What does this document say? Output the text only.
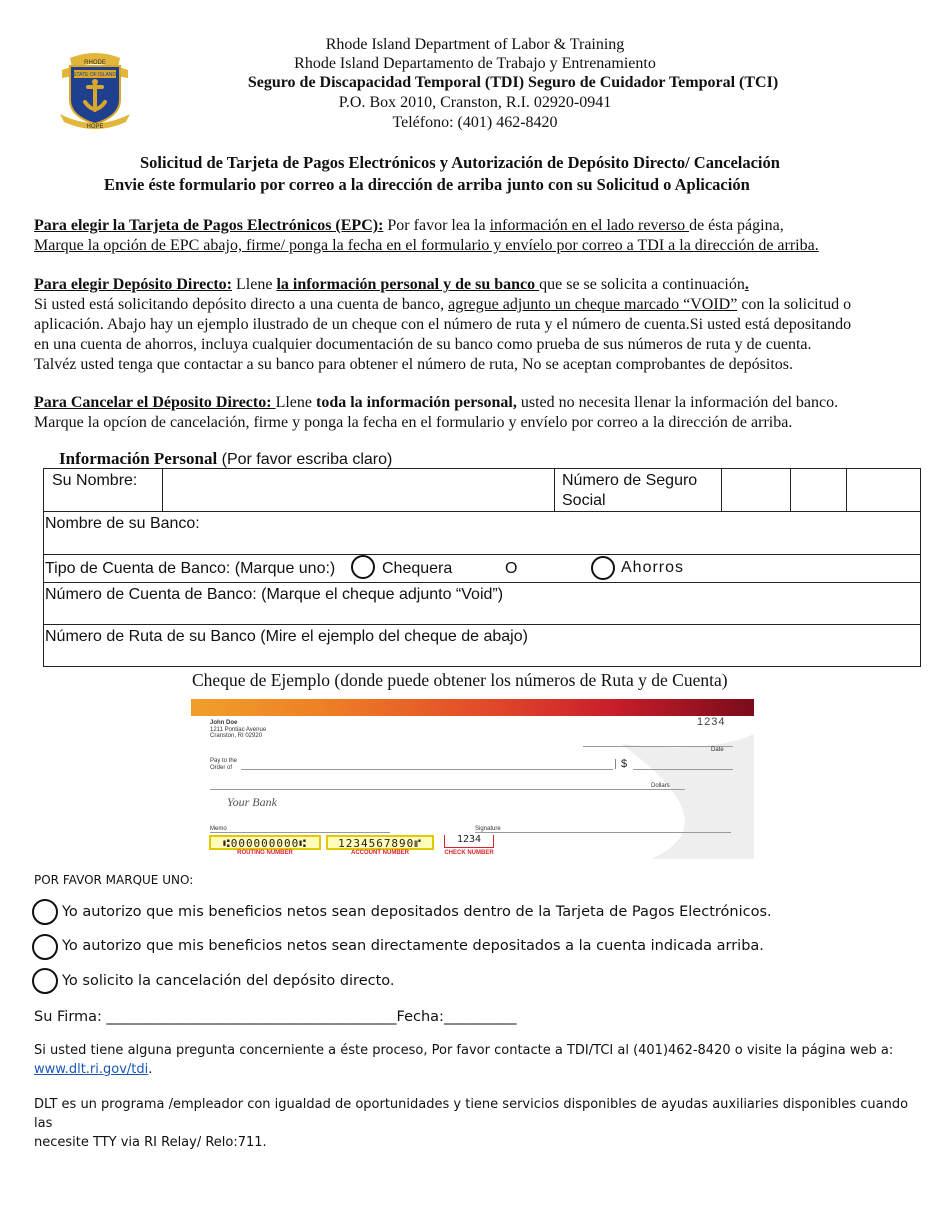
RHODE
STATE OF ISLAND
HOPE
Rhode Island Department of Labor & Training
Rhode Island Departamento de Trabajo y Entrenamiento
Seguro de Discapacidad Temporal (TDI) Seguro de Cuidador Temporal (TCI)
P.O. Box 2010, Cranston, R.I. 02920-0941
Teléfono: (401) 462-8420
Solicitud de Tarjeta de Pagos Electrónicos y Autorización de Depósito Directo/ Cancelación
Envie éste formulario por correo a la dirección de arriba junto con su Solicitud o Aplicación
Para elegir la Tarjeta de Pagos Electrónicos (EPC): Por favor lea la información en el lado reverso de ésta página,
Marque la opción de EPC abajo, firme/ ponga la fecha en el formulario y envíelo por correo a TDI a la dirección de arriba.
Para elegir Depósito Directo: Llene la información personal y de su banco que se se solicita a continuación.
Si usted está solicitando depósito directo a una cuenta de banco, agregue adjunto un cheque marcado “VOID” con la solicitud o
aplicación. Abajo hay un ejemplo ilustrado de un cheque con el número de ruta y el número de cuenta.Si usted está depositando
en una cuenta de ahorros, incluya cualquier documentación de su banco como prueba de sus números de ruta y de cuenta.
Talvéz usted tenga que contactar a su banco para obtener el número de ruta, No se aceptan comprobantes de depósitos.
Para Cancelar el Déposito Directo: Llene toda la información personal, usted no necesita llenar la información del banco.
Marque la opcíon de cancelación, firme y ponga la fecha en el formulario y envíelo por correo a la dirección de arriba.
Información Personal (Por favor escriba claro)
Su Nombre:	Número de Seguro
Social
Nombre de su Banco:
Tipo de Cuenta de Banco: (Marque uno:)	Chequera	O	Ahorros
Número de Cuenta de Banco: (Marque el cheque adjunto “Void”)
Número de Ruta de su Banco (Mire el ejemplo del cheque de abajo)
Cheque de Ejemplo (donde puede obtener los números de Ruta y de Cuenta)
John Doe
1211 Pontiac Avenue
Cranston, RI 02920
1234
Date
Pay to the
Order of	$
Dollars
Your Bank
Memo	Signature
⑆000000000⑆
ROUTING NUMBER
1234567890⑈
ACCOUNT NUMBER
1234
CHECK NUMBER
POR FAVOR MARQUE UNO:
Yo autorizo que mis beneficios netos sean depositados dentro de la Tarjeta de Pagos Electrónicos.
Yo autorizo que mis beneficios netos sean directamente depositados a la cuenta indicada arriba.
Yo solicito la cancelación del depósito directo.
Su Firma: ________________________________________Fecha:__________
Si usted tiene alguna pregunta concerniente a éste proceso, Por favor contacte a TDI/TCI al (401)462-8420 o visite la página web a:
www.dlt.ri.gov/tdi.
DLT es un programa /empleador con igualdad de oportunidades y tiene servicios disponibles de ayudas auxiliaries disponibles cuando las
necesite TTY via RI Relay/ Relo:711.
